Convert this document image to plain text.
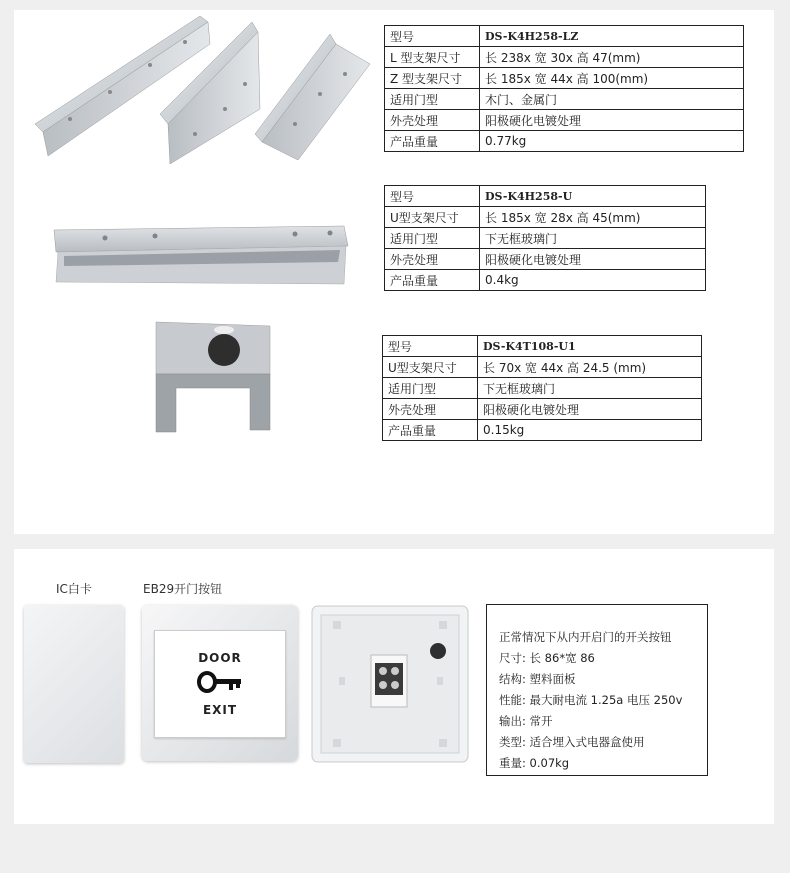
型号	DS-K4H258-LZ
L 型支架尺寸	长 238x 宽 30x 高 47(mm)
Z 型支架尺寸	长 185x 宽 44x 高 100(mm)
适用门型	木门、金属门
外壳处理	阳极硬化电镀处理
产品重量	0.77kg
型号	DS-K4H258-U
U型支架尺寸	长 185x 宽 28x 高 45(mm)
适用门型	下无框玻璃门
外壳处理	阳极硬化电镀处理
产品重量	0.4kg
型号	DS-K4T108-U1
U型支架尺寸	长 70x 宽 44x 高 24.5 (mm)
适用门型	下无框玻璃门
外壳处理	阳极硬化电镀处理
产品重量	0.15kg
IC白卡	EB29开门按钮
DOOR
EXIT
正常情况下从内开启门的开关按钮
尺寸: 长 86*宽 86
结构: 塑料面板
性能: 最大耐电流 1.25a 电压 250v
输出: 常开
类型: 适合埋入式电器盒使用
重量: 0.07kg
